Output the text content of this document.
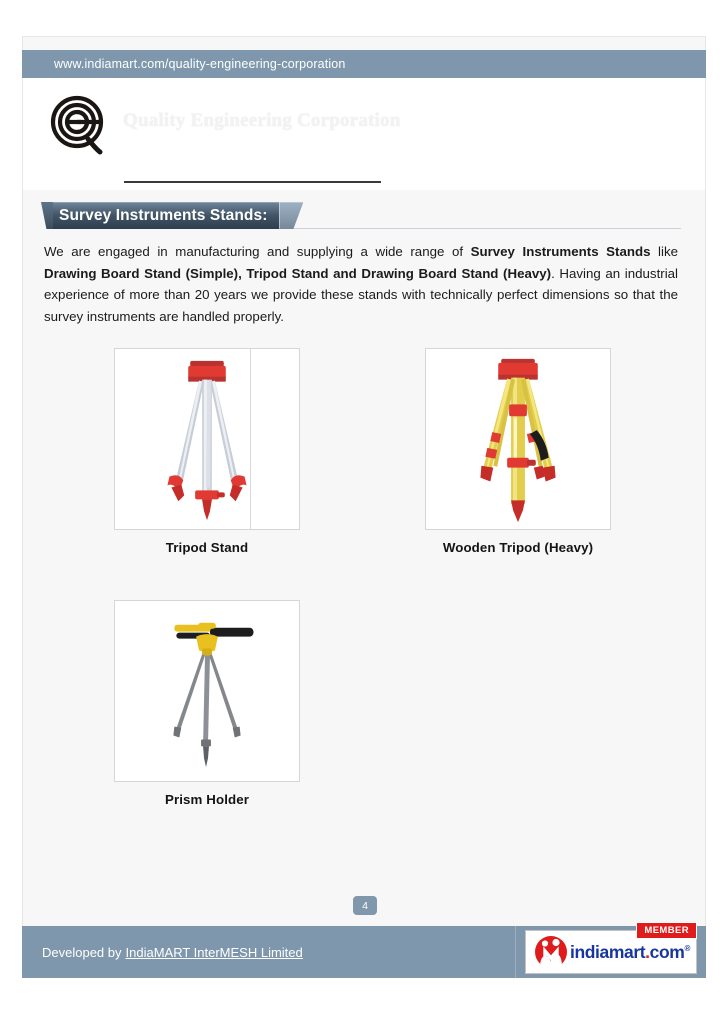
www.indiamart.com/quality-engineering-corporation
Quality Engineering Corporation
Survey Instruments Stands:

We are engaged in manufacturing and supplying a wide range of Survey Instruments Stands like Drawing Board Stand (Simple), Tripod Stand and Drawing Board Stand (Heavy). Having an industrial experience of more than 20 years we provide these stands with technically perfect dimensions so that the survey instruments are handled properly.

Tripod Stand	Wooden Tripod (Heavy)
Prism Holder
4
Developed by IndiaMART InterMESH Limited
MEMBER
indiamart.com®
